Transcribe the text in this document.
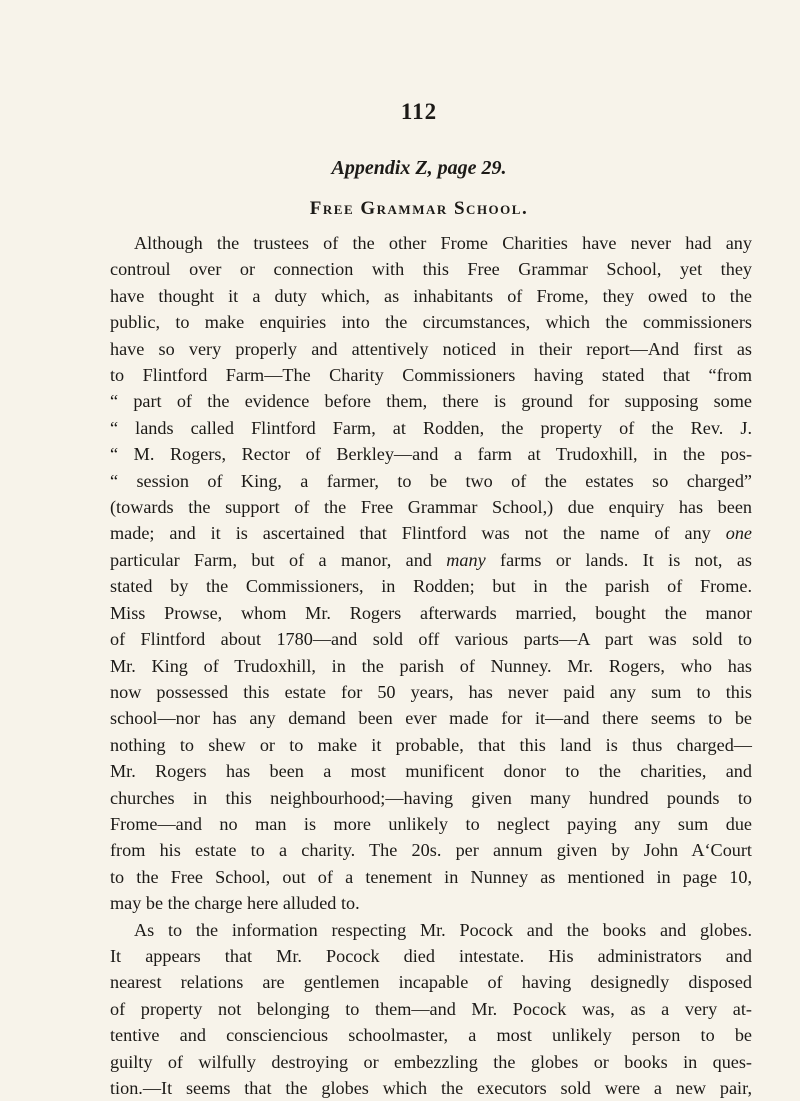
112
Appendix Z, page 29.
Free Grammar School.

Although the trustees of the other Frome Charities have never had any
controul over or connection with this Free Grammar School, yet they
have thought it a duty which, as inhabitants of Frome, they owed to the
public, to make enquiries into the circumstances, which the commissioners
have so very properly and attentively noticed in their report—And first as
to Flintford Farm—The Charity Commissioners having stated that “from
“ part of the evidence before them, there is ground for supposing some
“ lands called Flintford Farm, at Rodden, the property of the Rev. J.
“ M. Rogers, Rector of Berkley—and a farm at Trudoxhill, in the pos-
“ session of King, a farmer, to be two of the estates so charged”
(towards the support of the Free Grammar School,) due enquiry has been
made; and it is ascertained that Flintford was not the name of any one
particular Farm, but of a manor, and many farms or lands. It is not, as
stated by the Commissioners, in Rodden; but in the parish of Frome.
Miss Prowse, whom Mr. Rogers afterwards married, bought the manor
of Flintford about 1780—and sold off various parts—A part was sold to
Mr. King of Trudoxhill, in the parish of Nunney. Mr. Rogers, who has
now possessed this estate for 50 years, has never paid any sum to this
school—nor has any demand been ever made for it—and there seems to be
nothing to shew or to make it probable, that this land is thus charged—
Mr. Rogers has been a most munificent donor to the charities, and
churches in this neighbourhood;—having given many hundred pounds to
Frome—and no man is more unlikely to neglect paying any sum due
from his estate to a charity. The 20s. per annum given by John A‘Court
to the Free School, out of a tenement in Nunney as mentioned in page 10,
may be the charge here alluded to.

As to the information respecting Mr. Pocock and the books and globes.
It appears that Mr. Pocock died intestate. His administrators and
nearest relations are gentlemen incapable of having designedly disposed
of property not belonging to them—and Mr. Pocock was, as a very at-
tentive and consciencious schoolmaster, a most unlikely person to be
guilty of wilfully destroying or embezzling the globes or books in ques-
tion.—It seems that the globes which the executors sold were a new pair,
